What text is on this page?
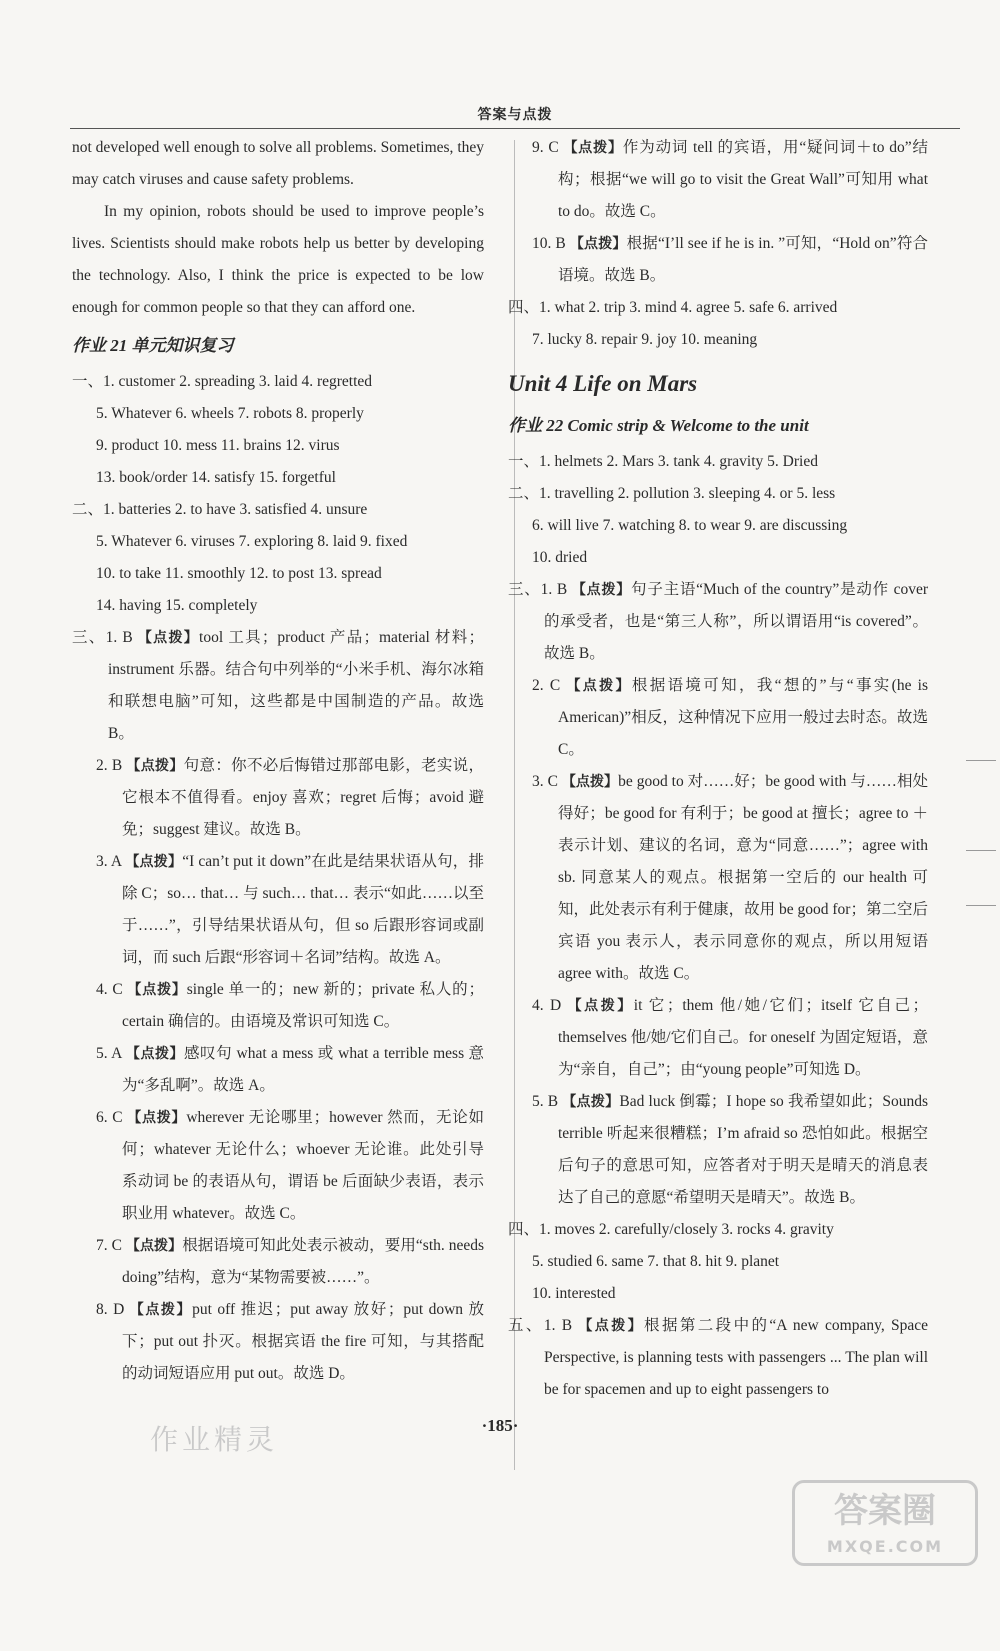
答案与点拨

not developed well enough to solve all problems. Sometimes, they may catch viruses and cause safety problems.

In my opinion, robots should be used to improve people’s lives. Scientists should make robots help us better by developing the technology. Also, I think the price is expected to be low enough for common people so that they can afford one.

作业 21 单元知识复习

一、1. customer 2. spreading 3. laid 4. regretted

5. Whatever 6. wheels 7. robots 8. properly

9. product 10. mess 11. brains 12. virus

13. book/order 14. satisfy 15. forgetful

二、1. batteries 2. to have 3. satisfied 4. unsure

5. Whatever 6. viruses 7. exploring 8. laid 9. fixed

10. to take 11. smoothly 12. to post 13. spread

14. having 15. completely

三、1. B 【点拨】tool 工具；product 产品；material 材料；instrument 乐器。结合句中列举的“小米手机、海尔冰箱和联想电脑”可知，这些都是中国制造的产品。故选 B。
2. B 【点拨】句意：你不必后悔错过那部电影，老实说，它根本不值得看。enjoy 喜欢；regret 后悔；avoid 避免；suggest 建议。故选 B。
3. A 【点拨】“I can’t put it down”在此是结果状语从句，排除 C；so… that… 与 such… that… 表示“如此……以至于……”，引导结果状语从句，但 so 后跟形容词或副词，而 such 后跟“形容词＋名词”结构。故选 A。
4. C 【点拨】single 单一的；new 新的；private 私人的；certain 确信的。由语境及常识可知选 C。
5. A 【点拨】感叹句 what a mess 或 what a terrible mess 意为“多乱啊”。故选 A。
6. C 【点拨】wherever 无论哪里；however 然而，无论如何；whatever 无论什么；whoever 无论谁。此处引导系动词 be 的表语从句，谓语 be 后面缺少表语，表示职业用 whatever。故选 C。
7. C 【点拨】根据语境可知此处表示被动，要用“sth. needs doing”结构，意为“某物需要被……”。
8. D 【点拨】put off 推迟；put away 放好；put down 放下；put out 扑灭。根据宾语 the fire 可知，与其搭配的动词短语应用 put out。故选 D。
9. C 【点拨】作为动词 tell 的宾语，用“疑问词＋to do”结构；根据“we will go to visit the Great Wall”可知用 what to do。故选 C。
10. B 【点拨】根据“I’ll see if he is in. ”可知，“Hold on”符合语境。故选 B。

四、1. what 2. trip 3. mind 4. agree 5. safe 6. arrived

7. lucky 8. repair 9. joy 10. meaning

Unit 4 Life on Mars
作业 22 Comic strip & Welcome to the unit

一、1. helmets 2. Mars 3. tank 4. gravity 5. Dried

二、1. travelling 2. pollution 3. sleeping 4. or 5. less

6. will live 7. watching 8. to wear 9. are discussing

10. dried

三、1. B 【点拨】句子主语“Much of the country”是动作 cover 的承受者，也是“第三人称”，所以谓语用“is covered”。故选 B。
2. C 【点拨】根据语境可知，我“想的”与“事实(he is American)”相反，这种情况下应用一般过去时态。故选 C。
3. C 【点拨】be good to 对……好；be good with 与……相处得好；be good for 有利于；be good at 擅长；agree to ＋ 表示计划、建议的名词，意为“同意……”；agree with sb. 同意某人的观点。根据第一空后的 our health 可知，此处表示有利于健康，故用 be good for；第二空后宾语 you 表示人，表示同意你的观点，所以用短语 agree with。故选 C。
4. D 【点拨】it 它；them 他/她/它们；itself 它自己；themselves 他/她/它们自己。for oneself 为固定短语，意为“亲自，自己”；由“young people”可知选 D。
5. B 【点拨】Bad luck 倒霉；I hope so 我希望如此；Sounds terrible 听起来很糟糕；I’m afraid so 恐怕如此。根据空后句子的意思可知，应答者对于明天是晴天的消息表达了自己的意愿“希望明天是晴天”。故选 B。

四、1. moves 2. carefully/closely 3. rocks 4. gravity

5. studied 6. same 7. that 8. hit 9. planet

10. interested

五、1. B 【点拨】根据第二段中的“A new company, Space Perspective, is planning tests with passengers ... The plan will be for spacemen and up to eight passengers to
·185·
作业精灵
答案圈
MXQE.COM
